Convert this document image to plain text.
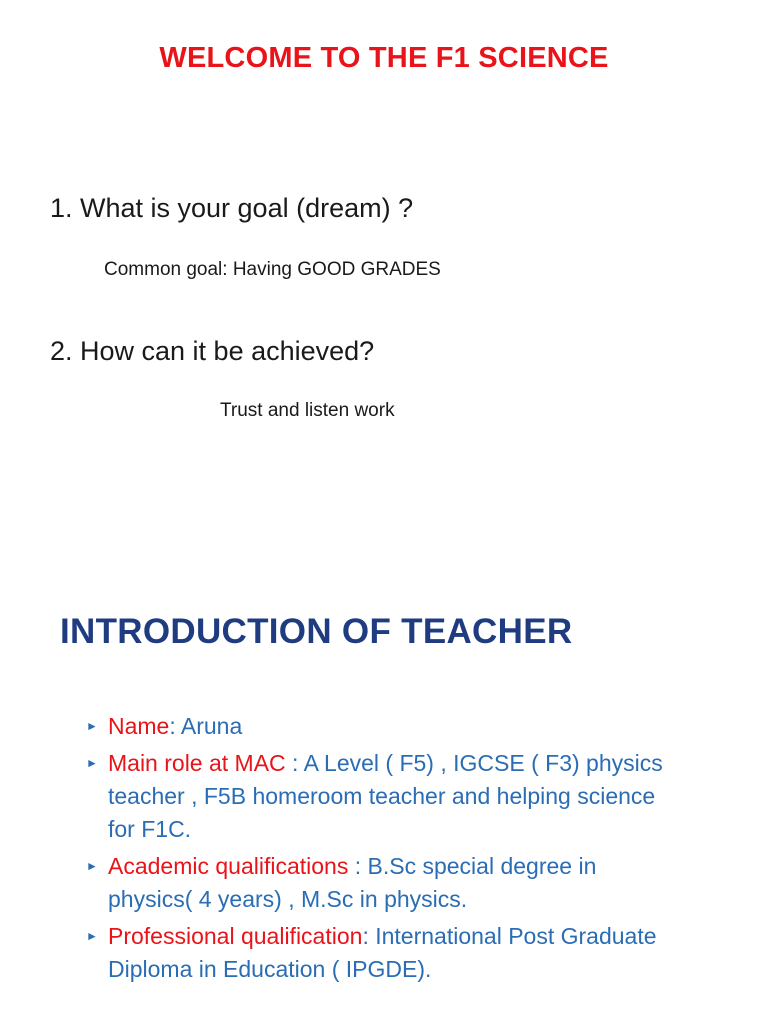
WELCOME TO THE F1 SCIENCE
1. What is your goal (dream) ?
Common goal: Having GOOD GRADES
2. How can it be achieved?
Trust and listen work
INTRODUCTION OF TEACHER
► Name: Aruna
► Main role at MAC : A Level ( F5) , IGCSE ( F3) physics       teacher , F5B homeroom teacher and helping science for F1C.
► Academic qualifications : B.Sc special degree in physics( 4 years) , M.Sc in physics.
► Professional qualification: International Post Graduate Diploma in Education ( IPGDE).
